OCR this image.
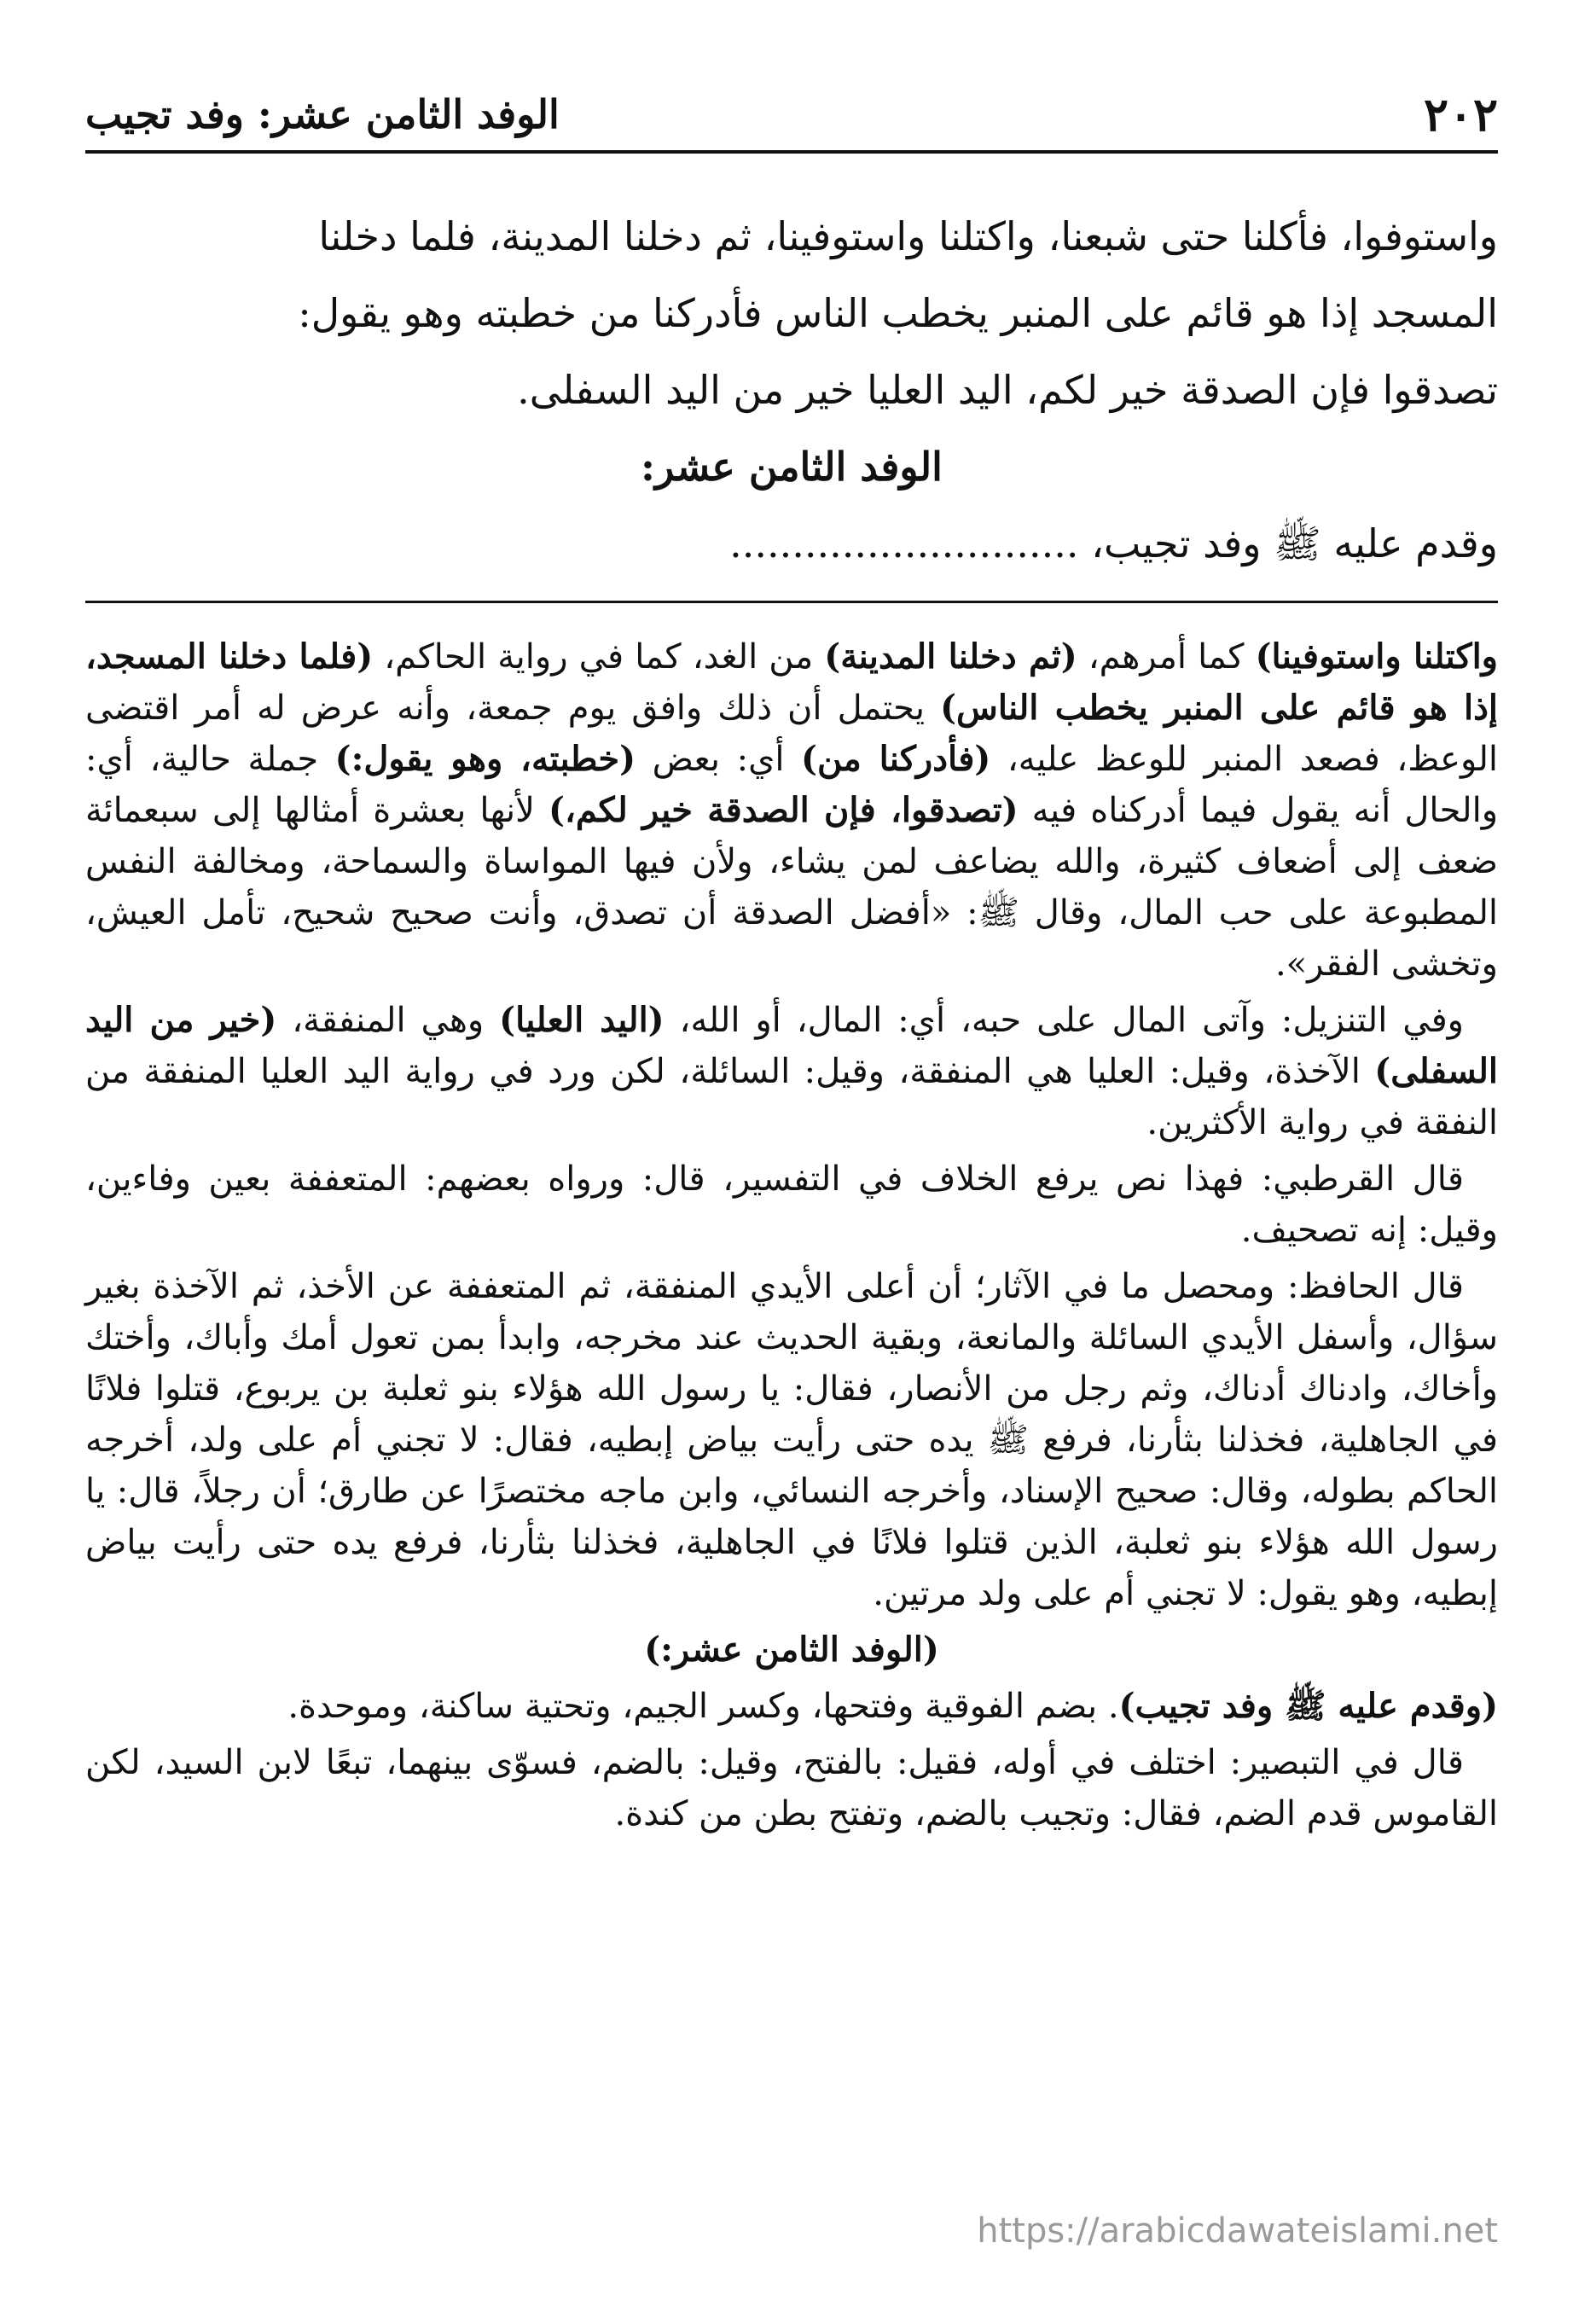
٢٠٢
الوفد الثامن عشر: وفد تجيب

واستوفوا، فأكلنا حتى شبعنا، واكتلنا واستوفينا، ثم دخلنا المدينة، فلما دخلنا

المسجد إذا هو قائم على المنبر يخطب الناس فأدركنا من خطبته وهو يقول:

تصدقوا فإن الصدقة خير لكم، اليد العليا خير من اليد السفلى.

الوفد الثامن عشر:

وقدم عليه ﷺ وفد تجيب، ............................

واكتلنا واستوفينا) كما أمرهم، (ثم دخلنا المدينة) من الغد، كما في رواية الحاكم، (فلما دخلنا المسجد، إذا هو قائم على المنبر يخطب الناس) يحتمل أن ذلك وافق يوم جمعة، وأنه عرض له أمر اقتضى الوعظ، فصعد المنبر للوعظ عليه، (فأدركنا من) أي: بعض (خطبته، وهو يقول:) جملة حالية، أي: والحال أنه يقول فيما أدركناه فيه (تصدقوا، فإن الصدقة خير لكم،) لأنها بعشرة أمثالها إلى سبعمائة ضعف إلى أضعاف كثيرة، والله يضاعف لمن يشاء، ولأن فيها المواساة والسماحة، ومخالفة النفس المطبوعة على حب المال، وقال ﷺ: «أفضل الصدقة أن تصدق، وأنت صحيح شحيح، تأمل العيش، وتخشى الفقر».

وفي التنزيل: وآتى المال على حبه، أي: المال، أو الله، (اليد العليا) وهي المنفقة، (خير من اليد السفلى) الآخذة، وقيل: العليا هي المنفقة، وقيل: السائلة، لكن ورد في رواية اليد العليا المنفقة من النفقة في رواية الأكثرين.

قال القرطبي: فهذا نص يرفع الخلاف في التفسير، قال: ورواه بعضهم: المتعففة بعين وفاءين، وقيل: إنه تصحيف.

قال الحافظ: ومحصل ما في الآثار؛ أن أعلى الأيدي المنفقة، ثم المتعففة عن الأخذ، ثم الآخذة بغير سؤال، وأسفل الأيدي السائلة والمانعة، وبقية الحديث عند مخرجه، وابدأ بمن تعول أمك وأباك، وأختك وأخاك، وادناك أدناك، وثم رجل من الأنصار، فقال: يا رسول الله هؤلاء بنو ثعلبة بن يربوع، قتلوا فلانًا في الجاهلية، فخذلنا بثأرنا، فرفع ﷺ يده حتى رأيت بياض إبطيه، فقال: لا تجني أم على ولد، أخرجه الحاكم بطوله، وقال: صحيح الإسناد، وأخرجه النسائي، وابن ماجه مختصرًا عن طارق؛ أن رجلاً، قال: يا رسول الله هؤلاء بنو ثعلبة، الذين قتلوا فلانًا في الجاهلية، فخذلنا بثأرنا، فرفع يده حتى رأيت بياض إبطيه، وهو يقول: لا تجني أم على ولد مرتين.

(الوفد الثامن عشر:)

(وقدم عليه ﷺ وفد تجيب). بضم الفوقية وفتحها، وكسر الجيم، وتحتية ساكنة، وموحدة.

قال في التبصير: اختلف في أوله، فقيل: بالفتح، وقيل: بالضم، فسوّى بينهما، تبعًا لابن السيد، لكن القاموس قدم الضم، فقال: وتجيب بالضم، وتفتح بطن من كندة.

https://arabicdawateislami.net
